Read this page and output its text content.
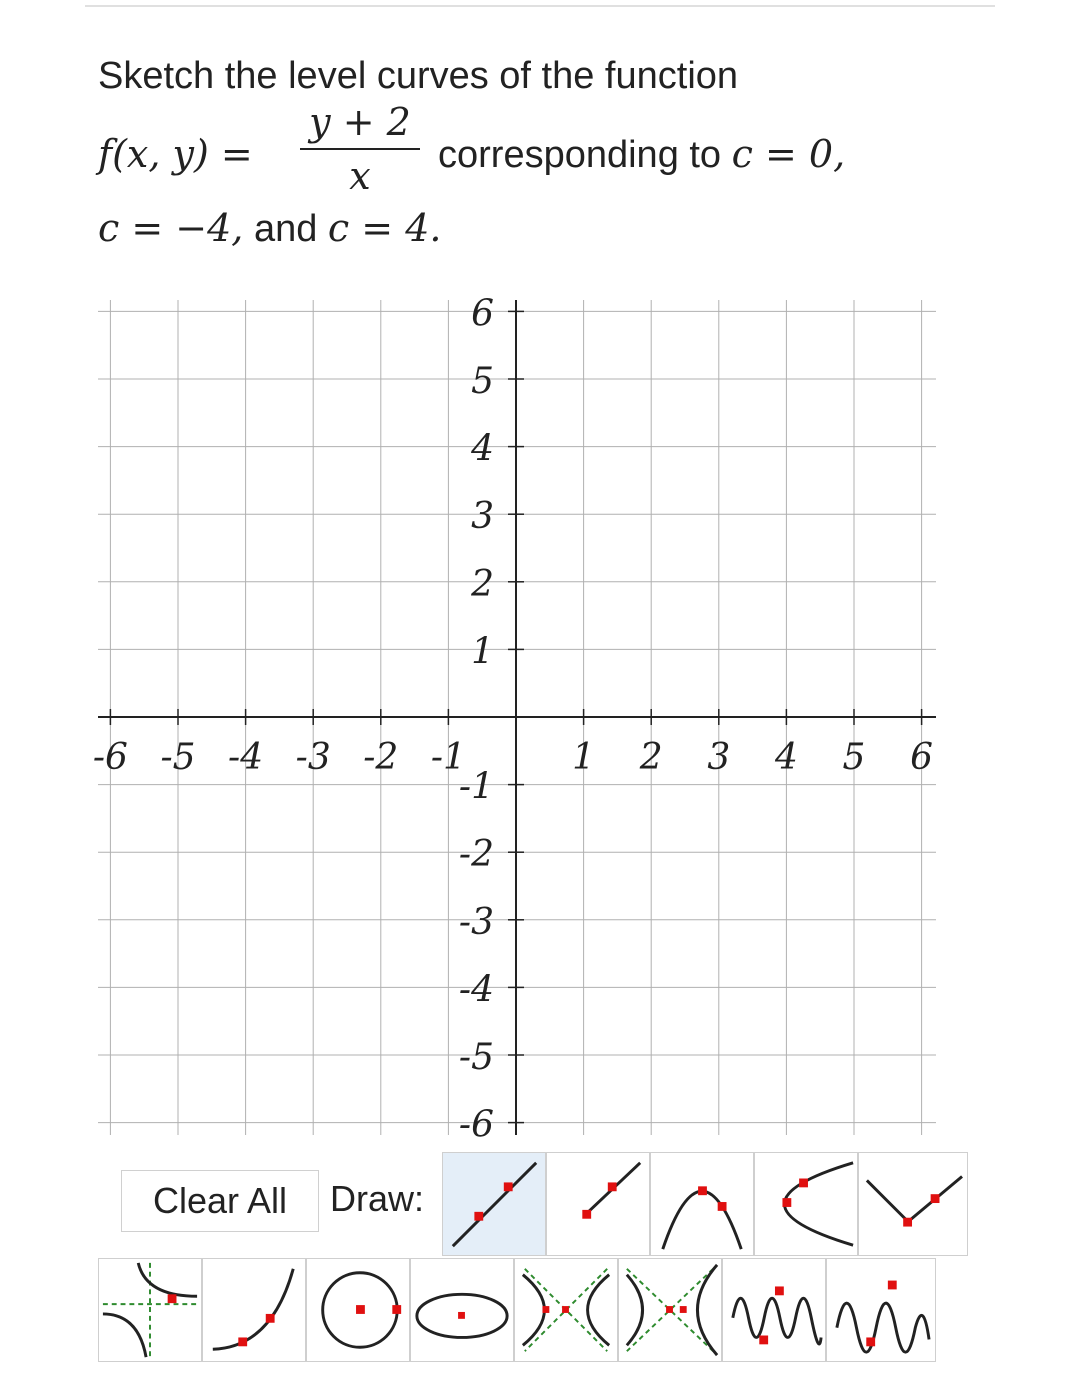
Sketch the level curves of the function
f(x, y) =	corresponding to c = 0,
c = −4, and c = 4.
y + 2
x
-6 -5 -4 -3 -2 -1	1 2 3 4 5 6
6
5
4
3
2
1
-1
-2
-3
-4
-5
-6
Clear All	Draw:
